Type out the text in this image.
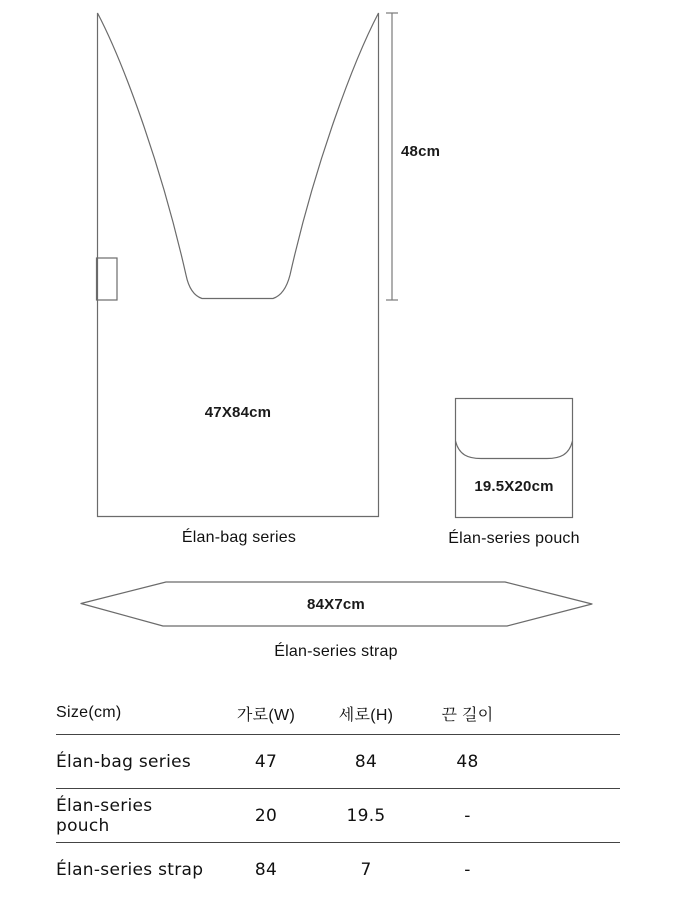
48cm
47X84cm
Élan-bag series
19.5X20cm
Élan-series pouch
84X7cm
Élan-series strap
Size(cm)	가로(W)	세로(H)	끈 길이	
Élan-bag series	47	84	48	
Élan-series pouch	20	19.5	-	
Élan-series strap	84	7	-	
